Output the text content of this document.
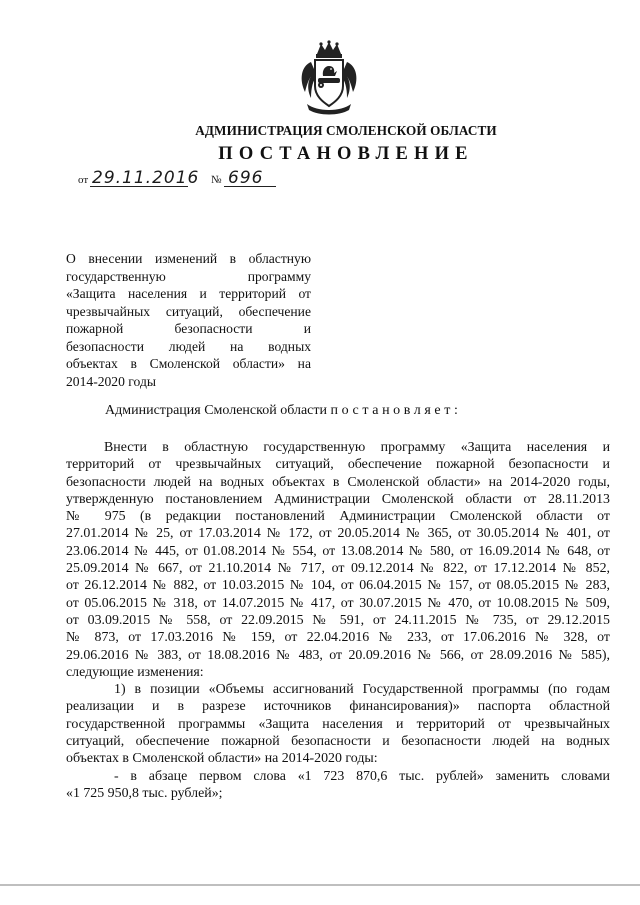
АДМИНИСТРАЦИЯ СМОЛЕНСКОЙ ОБЛАСТИ
ПОСТАНОВЛЕНИЕ
от 29.11.2016 № 696
О внесении изменений в областную
государственную программу
«Защита населения и территорий от
чрезвычайных ситуаций, обеспечение
пожарной безопасности и
безопасности людей на водных
объектах в Смоленской области» на
2014-2020 годы
Администрация Смоленской области постановляет:
Внести в областную государственную программу «Защита населения и
территорий от чрезвычайных ситуаций, обеспечение пожарной безопасности и
безопасности людей на водных объектах в Смоленской области» на 2014-2020 годы,
утвержденную постановлением Администрации Смоленской области от 28.11.2013
№ 975 (в редакции постановлений Администрации Смоленской области от
27.01.2014 № 25, от 17.03.2014 № 172, от 20.05.2014 № 365, от 30.05.2014 № 401, от
23.06.2014 № 445, от 01.08.2014 № 554, от 13.08.2014 № 580, от 16.09.2014 № 648, от
25.09.2014 № 667, от 21.10.2014 № 717, от 09.12.2014 № 822, от 17.12.2014 № 852,
от 26.12.2014 № 882, от 10.03.2015 № 104, от 06.04.2015 № 157, от 08.05.2015 № 283,
от 05.06.2015 № 318, от 14.07.2015 № 417, от 30.07.2015 № 470, от 10.08.2015 № 509,
от 03.09.2015 № 558, от 22.09.2015 № 591, от 24.11.2015 № 735, от 29.12.2015
№ 873, от 17.03.2016 № 159, от 22.04.2016 № 233, от 17.06.2016 № 328, от
29.06.2016 № 383, от 18.08.2016 № 483, от 20.09.2016 № 566, от 28.09.2016 № 585),
следующие изменения:
1) в позиции «Объемы ассигнований Государственной программы (по годам
реализации и в разрезе источников финансирования)» паспорта областной
государственной программы «Защита населения и территорий от чрезвычайных
ситуаций, обеспечение пожарной безопасности и безопасности людей на водных
объектах в Смоленской области» на 2014-2020 годы:
- в абзаце первом слова «1 723 870,6 тыс. рублей» заменить словами
«1 725 950,8 тыс. рублей»;
